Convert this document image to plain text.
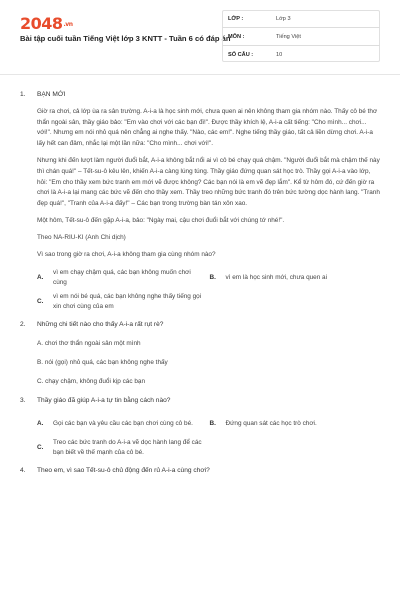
2048.vn
Bài tập cuối tuần Tiếng Việt lớp 3 KNTT - Tuần 6 có đáp án
LỚP :	Lớp 3
MÔN :	Tiếng Việt
SỐ CÂU :	10
1.	BẠN MỚI

Giờ ra chơi, cả lớp ùa ra sân trường. A-i-a là học sinh mới, chưa quen ai nên không tham gia nhóm nào. Thấy cô bé thơ thẩn ngoài sân, thầy giáo bảo: "Em vào chơi với các bạn đi!". Được thầy khích lệ, A-i-a cất tiếng: "Cho mình... chơi... với!". Nhưng em nói nhỏ quá nên chẳng ai nghe thấy. "Nào, các em!". Nghe tiếng thầy giáo, tất cả liền dừng chơi. A-i-a lấy hết can đảm, nhắc lại một lần nữa: "Cho mình... chơi với!".

Nhưng khi đến lượt làm người đuổi bắt, A-i-a không bắt nổi ai vì cô bé chạy quá chậm. "Người đuổi bắt mà chậm thế này thì chán quá!" – Tết-su-ô kêu lên, khiến A-i-a càng lúng túng. Thầy giáo đứng quan sát học trò. Thầy gọi A-i-a vào lớp, hỏi: "Em cho thầy xem bức tranh em mới vẽ được không? Các bạn nói là em vẽ đẹp lắm". Kể từ hôm đó, cứ đến giờ ra chơi là A-i-a lại mang các bức vẽ đến cho thầy xem. Thầy treo những bức tranh đó trên bức tường dọc hành lang. "Tranh đẹp quá!", "Tranh của A-i-a đấy!" – Các bạn trong trường bàn tán xôn xao.

Một hôm, Tết-su-ô đến gặp A-i-a, bảo: "Ngày mai, cậu chơi đuổi bắt với chúng tớ nhé!".

Theo NA-RIU-KI (Anh Chi dịch)

Vì sao trong giờ ra chơi, A-i-a không tham gia cùng nhóm nào?

A.
vì em chạy chậm quá, các bạn không muốn chơi cùng
B.	vì em là học sinh mới, chưa quen ai
C.
vì em nói bé quá, các bạn không nghe thấy tiếng gọi xin chơi cùng của em
2.	Những chi tiết nào cho thấy A-i-a rất rụt rè?

A. chơi thơ thẩn ngoài sân một mình

B. nói (gọi) nhỏ quá, các bạn không nghe thấy

C. chạy chậm, không đuổi kịp các bạn

3.	Thầy giáo đã giúp A-i-a tự tin bằng cách nào?
A.	Gọi các bạn và yêu cầu các bạn chơi cùng cô bé.	B.	Đứng quan sát các học trò chơi.
C.
Treo các bức tranh do A-i-a vẽ dọc hành lang để các bạn biết về thế mạnh của cô bé.
4.	Theo em, vì sao Tết-su-ô chủ động đến rủ A-i-a cùng chơi?
